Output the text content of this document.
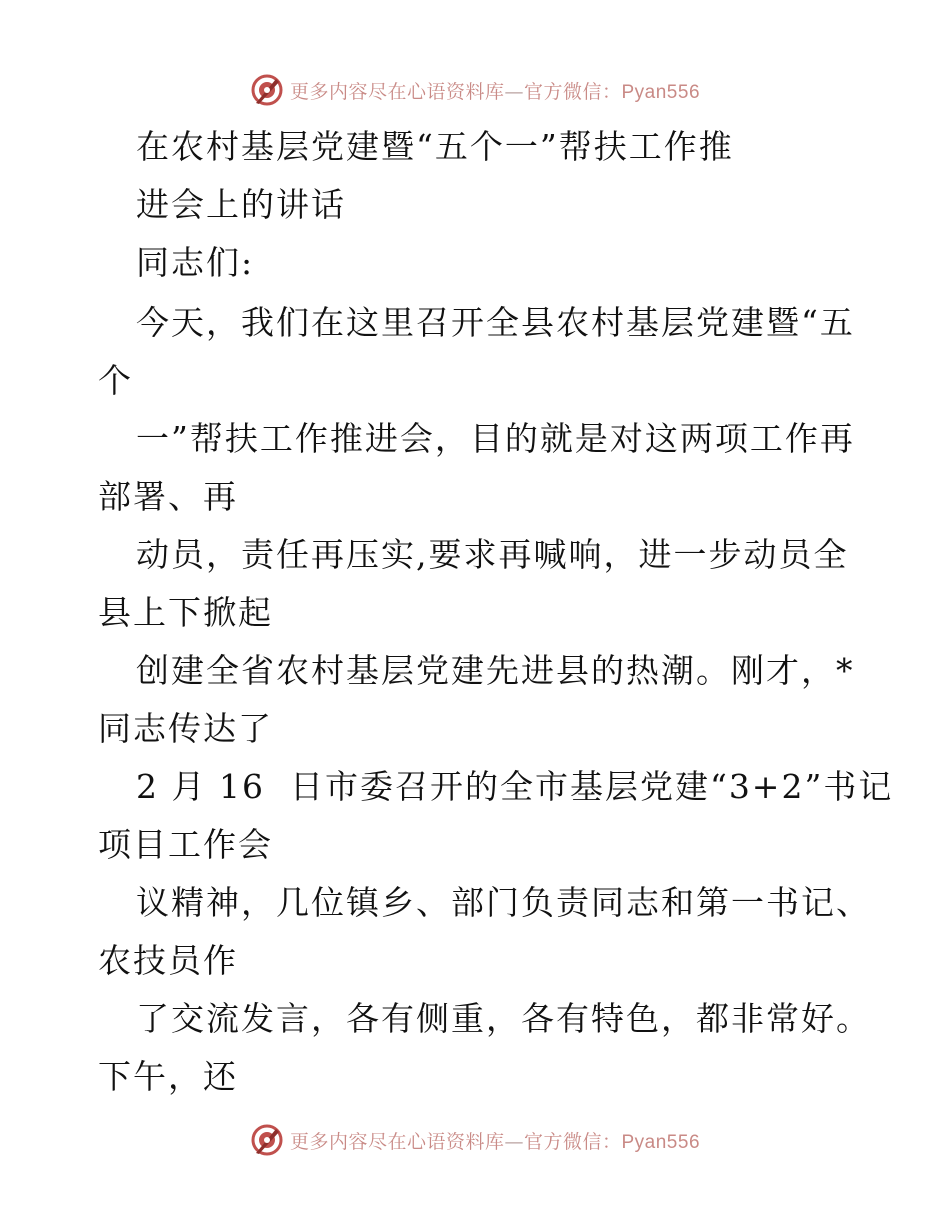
更多内容尽在心语资料库—官方微信：Pyan556
在农村基层党建暨“五个一”帮扶工作推
进会上的讲话
同志们:
今天，我们在这里召开全县农村基层党建暨“五
个
一”帮扶工作推进会，目的就是对这两项工作再
部署、再
动员，责任再压实,要求再喊响，进一步动员全
县上下掀起
创建全省农村基层党建先进县的热潮。刚才，*
同志传达了
2 月 16  日市委召开的全市基层党建“3+2”书记
项目工作会
议精神，几位镇乡、部门负责同志和第一书记、
农技员作
了交流发言，各有侧重，各有特色，都非常好。
下午，还
更多内容尽在心语资料库—官方微信：Pyan556
